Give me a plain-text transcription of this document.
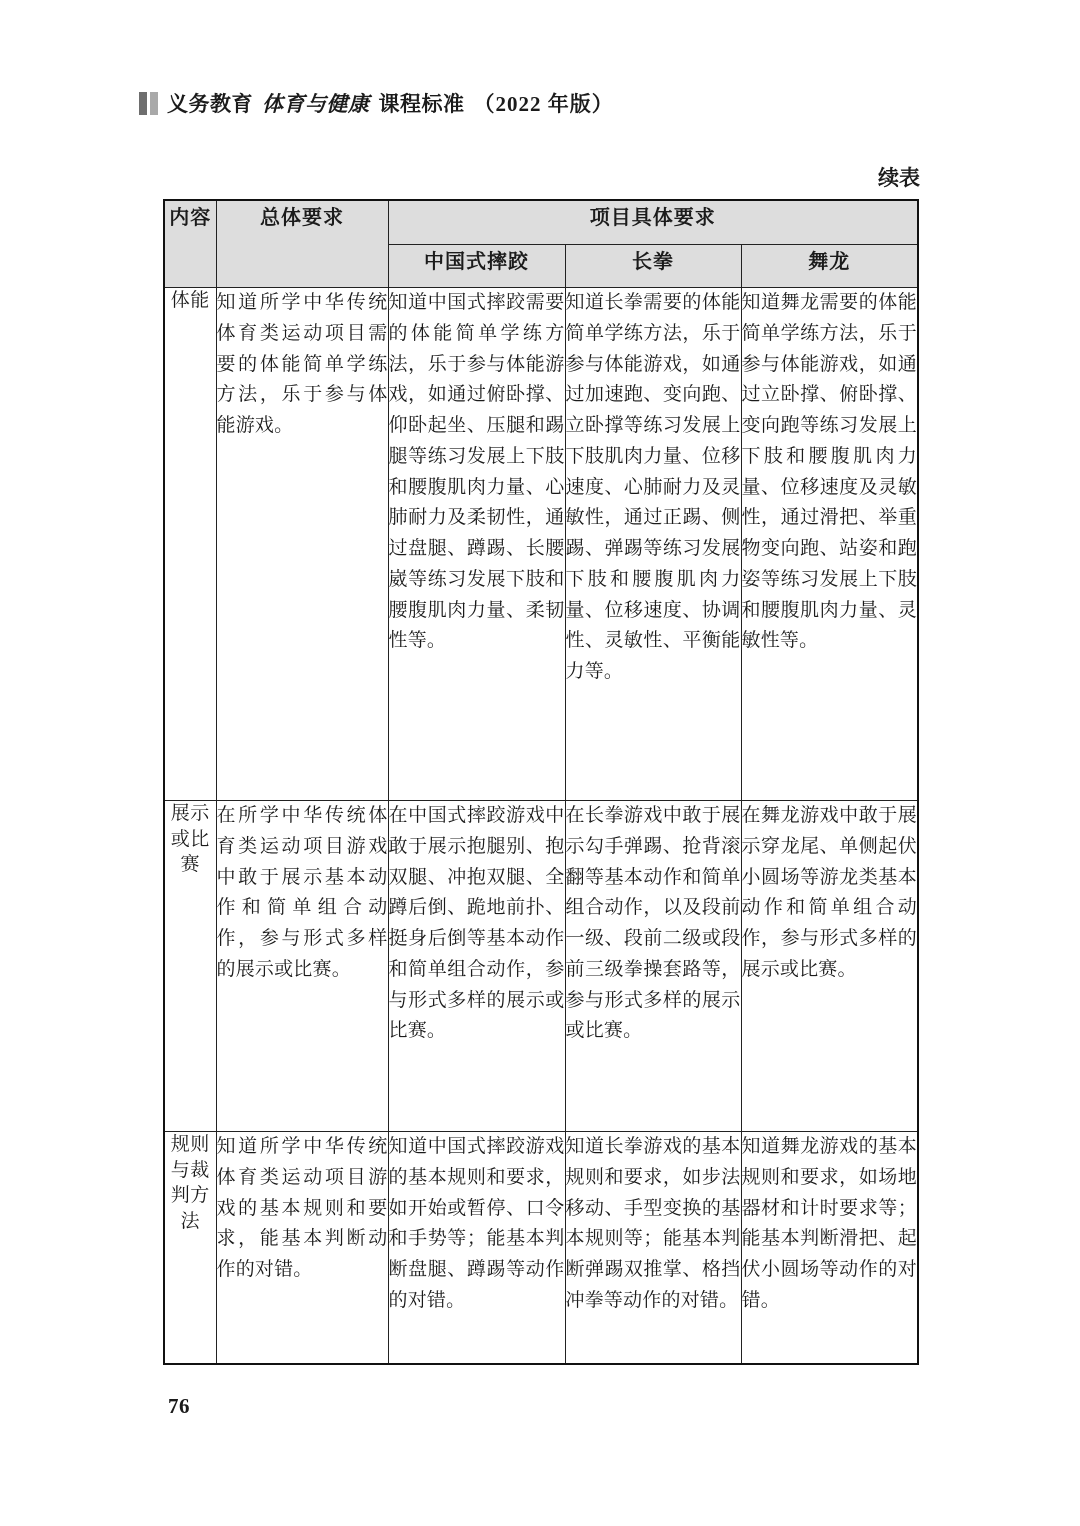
义务教育 体育与健康 课程标准 （2022 年版）
续表
内容	总体要求	项目具体要求		
		中国式摔跤	长拳	舞龙
体能	知道所学中华传统体育类运动项目需要的体能简单学练方法，乐于参与体能游戏。	知道中国式摔跤需要的体能简单学练方法，乐于参与体能游戏，如通过俯卧撑、仰卧起坐、压腿和踢腿等练习发展上下肢和腰腹肌肉力量、心肺耐力及柔韧性，通过盘腿、蹲踢、长腰崴等练习发展下肢和腰腹肌肉力量、柔韧性等。	知道长拳需要的体能简单学练方法，乐于参与体能游戏，如通过加速跑、变向跑、立卧撑等练习发展上下肢肌肉力量、位移速度、心肺耐力及灵敏性，通过正踢、侧踢、弹踢等练习发展下肢和腰腹肌肉力量、位移速度、协调性、灵敏性、平衡能力等。	知道舞龙需要的体能简单学练方法，乐于参与体能游戏，如通过立卧撑、俯卧撑、变向跑等练习发展上下肢和腰腹肌肉力量、位移速度及灵敏性，通过滑把、举重物变向跑、站姿和跑姿等练习发展上下肢和腰腹肌肉力量、灵敏性等。
展示或比赛	在所学中华传统体育类运动项目游戏中敢于展示基本动作和简单组合动作，参与形式多样的展示或比赛。	在中国式摔跤游戏中敢于展示抱腿别、抱双腿、冲抱双腿、全蹲后倒、跪地前扑、挺身后倒等基本动作和简单组合动作，参与形式多样的展示或比赛。	在长拳游戏中敢于展示勾手弹踢、抢背滚翻等基本动作和简单组合动作，以及段前一级、段前二级或段前三级拳操套路等，参与形式多样的展示或比赛。	在舞龙游戏中敢于展示穿龙尾、单侧起伏小圆场等游龙类基本动作和简单组合动作，参与形式多样的展示或比赛。
规则与裁判方法	知道所学中华传统体育类运动项目游戏的基本规则和要求，能基本判断动作的对错。	知道中国式摔跤游戏的基本规则和要求，如开始或暂停、口令和手势等；能基本判断盘腿、蹲踢等动作的对错。	知道长拳游戏的基本规则和要求，如步法移动、手型变换的基本规则等；能基本判断弹踢双推掌、格挡冲拳等动作的对错。	知道舞龙游戏的基本规则和要求，如场地器材和计时要求等；能基本判断滑把、起伏小圆场等动作的对错。
76
